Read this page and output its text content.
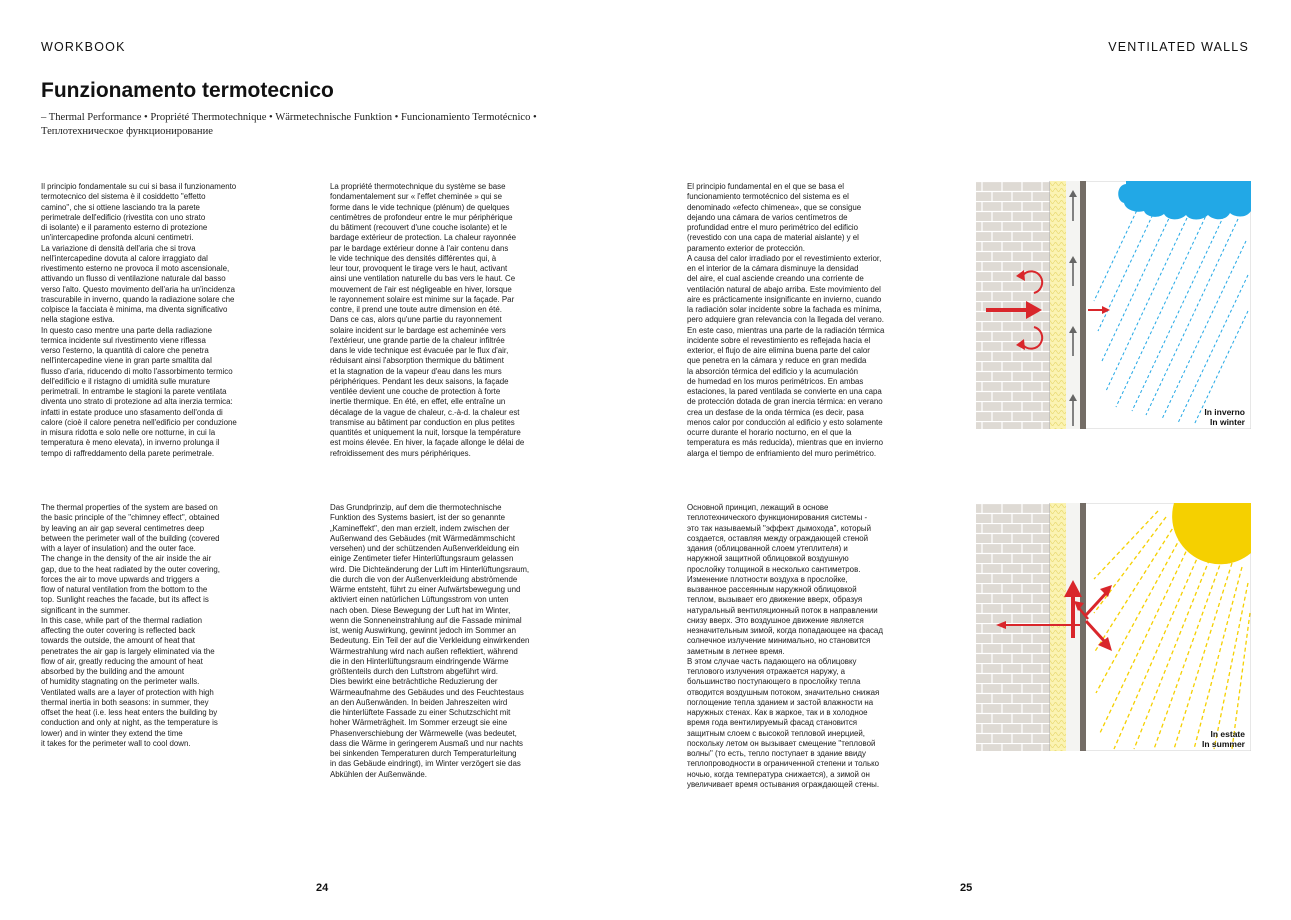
WORKBOOK	VENTILATED WALLS
Funzionamento termotecnico
– Thermal Performance • Propriété Thermotechnique • Wärmetechnische Funktion • Funcionamiento Termotécnico • Теплотехническое функционирование

Il principio fondamentale su cui si basa il funzionamento
termotecnico del sistema è il cosiddetto "effetto
camino", che si ottiene lasciando tra la parete
perimetrale dell'edificio (rivestita con uno strato
di isolante) e il paramento esterno di protezione
un'intercapedine profonda alcuni centimetri.
La variazione di densità dell'aria che si trova
nell'intercapedine dovuta al calore irraggiato dal
rivestimento esterno ne provoca il moto ascensionale,
attivando un flusso di ventilazione naturale dal basso
verso l'alto. Questo movimento dell'aria ha un'incidenza
trascurabile in inverno, quando la radiazione solare che
colpisce la facciata è minima, ma diventa significativo
nella stagione estiva.
In questo caso mentre una parte della radiazione
termica incidente sul rivestimento viene riflessa
verso l'esterno, la quantità di calore che penetra
nell'intercapedine viene in gran parte smaltita dal
flusso d'aria, riducendo di molto l'assorbimento termico
dell'edificio e il ristagno di umidità sulle murature
perimetrali. In entrambe le stagioni la parete ventilata
diventa uno strato di protezione ad alta inerzia termica:
infatti in estate produce uno sfasamento dell'onda di
calore (cioè il calore penetra nell'edificio per conduzione
in misura ridotta e solo nelle ore notturne, in cui la
temperatura è meno elevata), in inverno prolunga il
tempo di raffreddamento della parete perimetrale.

La propriété thermotechnique du système se base
fondamentalement sur « l'effet cheminée » qui se
forme dans le vide technique (plénum) de quelques
centimètres de profondeur entre le mur périphérique
du bâtiment (recouvert d'une couche isolante) et le
bardage extérieur de protection. La chaleur rayonnée
par le bardage extérieur donne à l'air contenu dans
le vide technique des densités différentes qui, à
leur tour, provoquent le tirage vers le haut, activant
ainsi une ventilation naturelle du bas vers le haut. Ce
mouvement de l'air est négligeable en hiver, lorsque
le rayonnement solaire est minime sur la façade. Par
contre, il prend une toute autre dimension en été.
Dans ce cas, alors qu'une partie du rayonnement
solaire incident sur le bardage est acheminée vers
l'extérieur, une grande partie de la chaleur infiltrée
dans le vide technique est évacuée par le flux d'air,
réduisant ainsi l'absorption thermique du bâtiment
et la stagnation de la vapeur d'eau dans les murs
périphériques. Pendant les deux saisons, la façade
ventilée devient une couche de protection à forte
inertie thermique. En été, en effet, elle entraîne un
décalage de la vague de chaleur, c.-à-d. la chaleur est
transmise au bâtiment par conduction en plus petites
quantités et uniquement la nuit, lorsque la température
est moins élevée. En hiver, la façade allonge le délai de
refroidissement des murs périphériques.

El principio fundamental en el que se basa el
funcionamiento termotécnico del sistema es el
denominado «efecto chimenea», que se consigue
dejando una cámara de varios centímetros de
profundidad entre el muro perimétrico del edificio
(revestido con una capa de material aislante) y el
paramento exterior de protección.
A causa del calor irradiado por el revestimiento exterior,
en el interior de la cámara disminuye la densidad
del aire, el cual asciende creando una corriente de
ventilación natural de abajo arriba. Este movimiento del
aire es prácticamente insignificante en invierno, cuando
la radiación solar incidente sobre la fachada es mínima,
pero adquiere gran relevancia con la llegada del verano.
En este caso, mientras una parte de la radiación térmica
incidente sobre el revestimiento es reflejada hacia el
exterior, el flujo de aire elimina buena parte del calor
que penetra en la cámara y reduce en gran medida
la absorción térmica del edificio y la acumulación
de humedad en los muros perimétricos. En ambas
estaciones, la pared ventilada se convierte en una capa
de protección dotada de gran inercia térmica: en verano
crea un desfase de la onda térmica (es decir, pasa
menos calor por conducción al edificio y esto solamente
ocurre durante el horario nocturno, en el que la
temperatura es más reducida), mientras que en invierno
alarga el tiempo de enfriamiento del muro perimétrico.

The thermal properties of the system are based on
the basic principle of the "chimney effect", obtained
by leaving an air gap several centimetres deep
between the perimeter wall of the building (covered
with a layer of insulation) and the outer face.
The change in the density of the air inside the air
gap, due to the heat radiated by the outer covering,
forces the air to move upwards and triggers a
flow of natural ventilation from the bottom to the
top. Sunlight reaches the facade, but its affect is
significant in the summer.
In this case, while part of the thermal radiation
affecting the outer covering is reflected back
towards the outside, the amount of heat that
penetrates the air gap is largely eliminated via the
flow of air, greatly reducing the amount of heat
absorbed by the building and the amount
of humidity stagnating on the perimeter walls.
Ventilated walls are a layer of protection with high
thermal inertia in both seasons: in summer, they
offset the heat (i.e. less heat enters the building by
conduction and only at night, as the temperature is
lower) and in winter they extend the time
it takes for the perimeter wall to cool down.

Das Grundprinzip, auf dem die thermotechnische
Funktion des Systems basiert, ist der so genannte
„Kamineffekt", den man erzielt, indem zwischen der
Außenwand des Gebäudes (mit Wärmedämmschicht
versehen) und der schützenden Außenverkleidung ein
einige Zentimeter tiefer Hinterlüftungsraum gelassen
wird. Die Dichteänderung der Luft im Hinterlüftungsraum,
die durch die von der Außenverkleidung abströmende
Wärme entsteht, führt zu einer Aufwärtsbewegung und
aktiviert einen natürlichen Lüftungsstrom von unten
nach oben. Diese Bewegung der Luft hat im Winter,
wenn die Sonneneinstrahlung auf die Fassade minimal
ist, wenig Auswirkung, gewinnt jedoch im Sommer an
Bedeutung. Ein Teil der auf die Verkleidung einwirkenden
Wärmestrahlung wird nach außen reflektiert, während
die in den Hinterlüftungsraum eindringende Wärme
größtenteils durch den Luftstrom abgeführt wird.
Dies bewirkt eine beträchtliche Reduzierung der
Wärmeaufnahme des Gebäudes und des Feuchtestaus
an den Außenwänden. In beiden Jahreszeiten wird
die hinterlüftete Fassade zu einer Schutzschicht mit
hoher Wärmeträgheit. Im Sommer erzeugt sie eine
Phasenverschiebung der Wärmewelle (was bedeutet,
dass die Wärme in geringerem Ausmaß und nur nachts
bei sinkenden Temperaturen durch Temperaturleitung
in das Gebäude eindringt), im Winter verzögert sie das
Abkühlen der Außenwände.

Основной принцип, лежащий в основе
теплотехнического функционирования системы -
это так называемый "эффект дымохода", который
создается, оставляя между ограждающей стеной
здания (облицованной слоем утеплителя) и
наружной защитной облицовкой воздушную
прослойку толщиной в несколько сантиметров.
Изменение плотности воздуха в прослойке,
вызванное рассеянным наружной облицовкой
теплом, вызывает его движение вверх, образуя
натуральный вентиляционный поток в направлении
снизу вверх. Это воздушное движение является
незначительным зимой, когда попадающее на фасад
солнечное излучение минимально, но становится
заметным в летнее время.
В этом случае часть падающего на облицовку
теплового излучения отражается наружу, а
большинство поступающего в прослойку тепла
отводится воздушным потоком, значительно снижая
поглощение тепла зданием и застой влажности на
наружных стенах. Как в жаркое, так и в холодное
время года вентилируемый фасад становится
защитным слоем с высокой тепловой инерцией,
поскольку летом он вызывает смещение "тепловой
волны" (то есть, тепло поступает в здание ввиду
теплопроводности в ограниченной степени и только
ночью, когда температура снижается), а зимой он
увеличивает время остывания ограждающей стены.

In inverno
In winter
In estate
In summer
24	25
